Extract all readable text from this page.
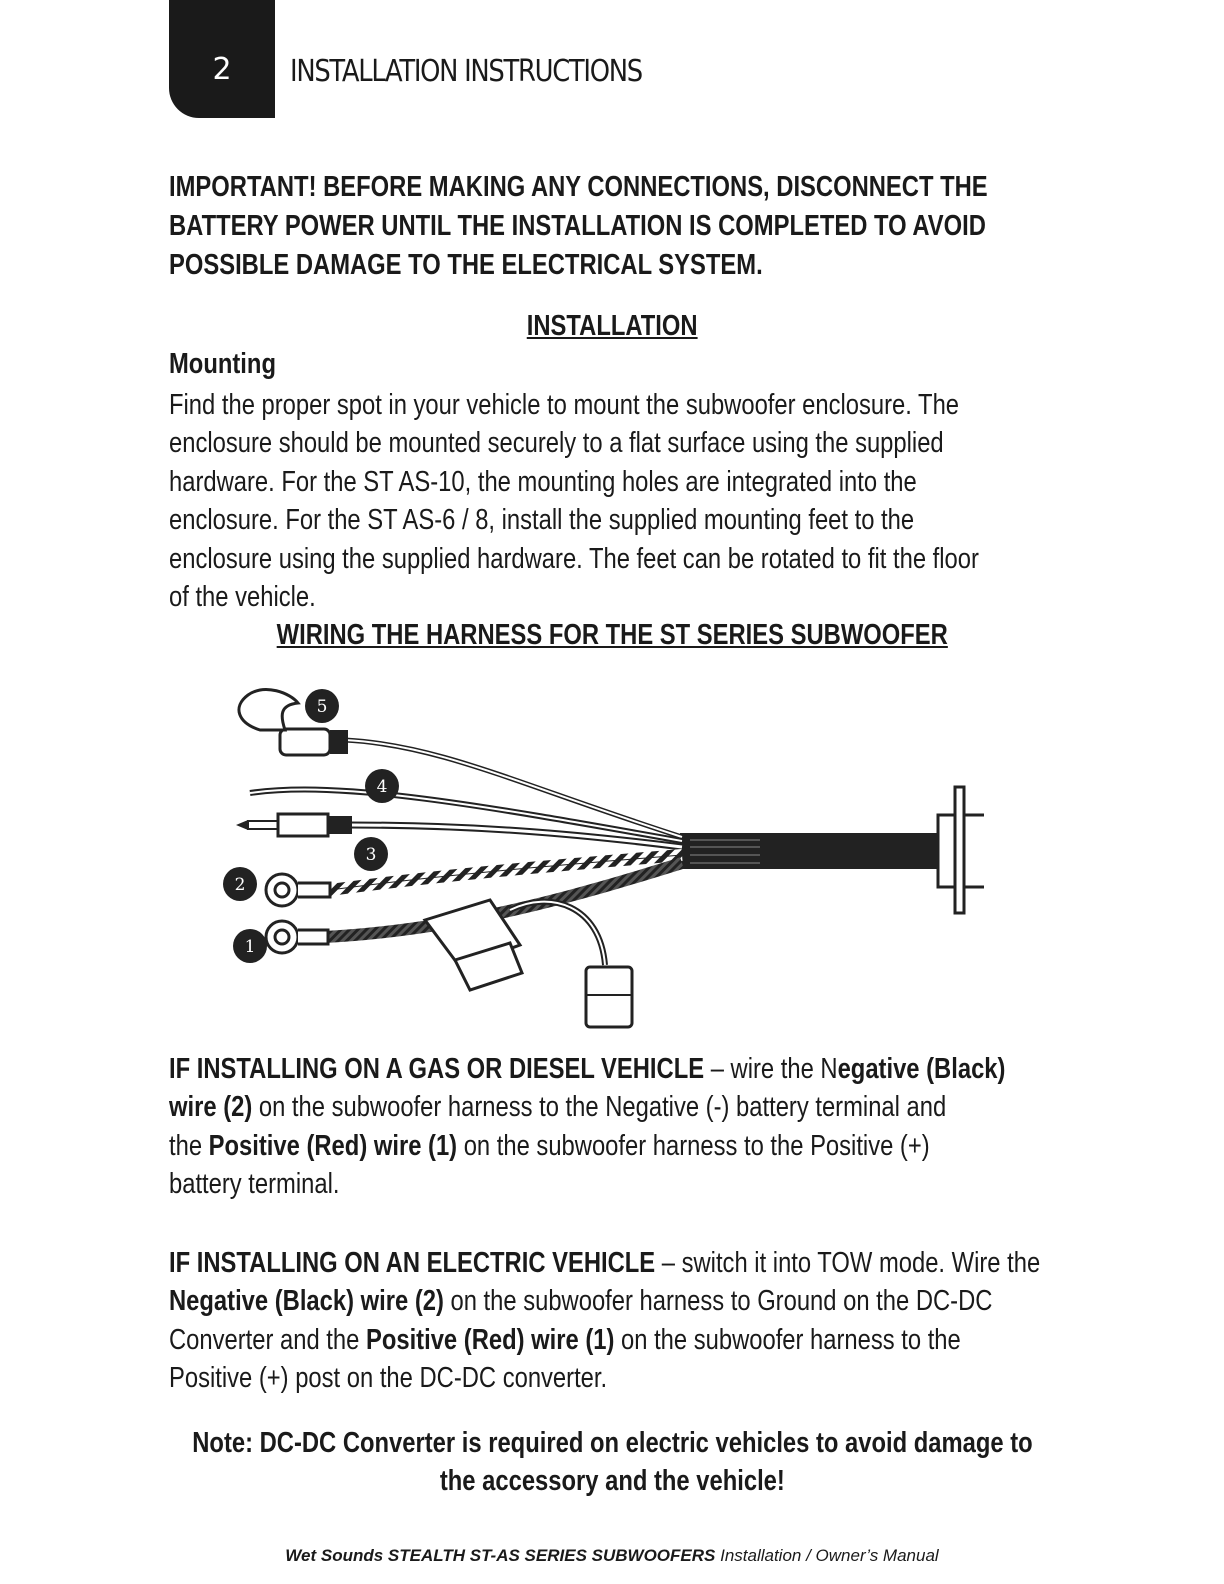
2	INSTALLATION INSTRUCTIONS
IMPORTANT! BEFORE MAKING ANY CONNECTIONS, DISCONNECT THE
BATTERY POWER UNTIL THE INSTALLATION IS COMPLETED TO AVOID
POSSIBLE DAMAGE TO THE ELECTRICAL SYSTEM.
INSTALLATION
Mounting
Find the proper spot in your vehicle to mount the subwoofer enclosure. The
enclosure should be mounted securely to a flat surface using the supplied
hardware. For the ST AS-10, the mounting holes are integrated into the
enclosure. For the ST AS-6 / 8, install the supplied mounting feet to the
enclosure using the supplied hardware. The feet can be rotated to fit the floor
of the vehicle.
WIRING THE HARNESS FOR THE ST SERIES SUBWOOFER
5
4
3
2
1
IF INSTALLING ON A GAS OR DIESEL VEHICLE – wire the Negative (Black)
wire (2) on the subwoofer harness to the Negative (-) battery terminal and
the Positive (Red) wire (1) on the subwoofer harness to the Positive (+)
battery terminal.
IF INSTALLING ON AN ELECTRIC VEHICLE – switch it into TOW mode. Wire the
Negative (Black) wire (2) on the subwoofer harness to Ground on the DC-DC
Converter and the Positive (Red) wire (1) on the subwoofer harness to the
Positive (+) post on the DC-DC converter.
Note: DC-DC Converter is required on electric vehicles to avoid damage to
the accessory and the vehicle!
Wet Sounds STEALTH ST-AS SERIES SUBWOOFERS Installation / Owner’s Manual
